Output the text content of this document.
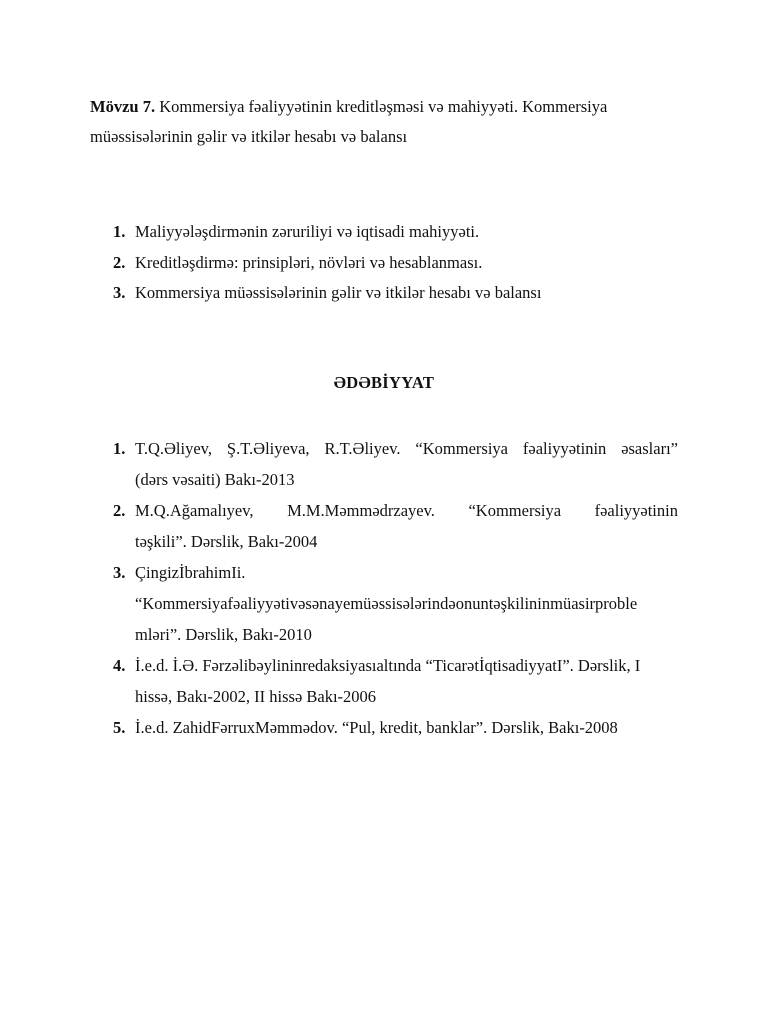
Mövzu 7. Kommersiya fəaliyyətinin kreditləşməsi və mahiyyəti. Kommersiya müəssisələrinin gəlir və itkilər hesabı və balansı
1. Maliyyələşdirmənin zəruriliyi və iqtisadi mahiyyəti.
2. Kreditləşdirmə: prinsipləri, növləri və hesablanması.
3. Kommersiya müəssisələrinin gəlir və itkilər hesabı və balansı
ƏDƏBİYYAT
1. T.Q.Əliyev, Ş.T.Əliyeva, R.T.Əliyev. “Kommersiya fəaliyyətinin əsasları”
(dərs vəsaiti) Bakı-2013
2. M.Q.Ağamalıyev, M.M.Məmmədrzayev. “Kommersiya fəaliyyətinin
təşkili”. Dərslik, Bakı-2004
3. ÇingizİbrahimIi.
“Kommersiyafəaliyyətivəsənayemüəssisələrindəonuntəşkilininmüasirproble
mləri”. Dərslik, Bakı-2010
4. İ.e.d. İ.Ə. Fərzəlibəylininredaksiyasıaltında “TicarətİqtisadiyyatI”. Dərslik, I
hissə, Bakı-2002, II hissə Bakı-2006
5. İ.e.d. ZahidFərruxMəmmədov. “Pul, kredit, banklar”. Dərslik, Bakı-2008
